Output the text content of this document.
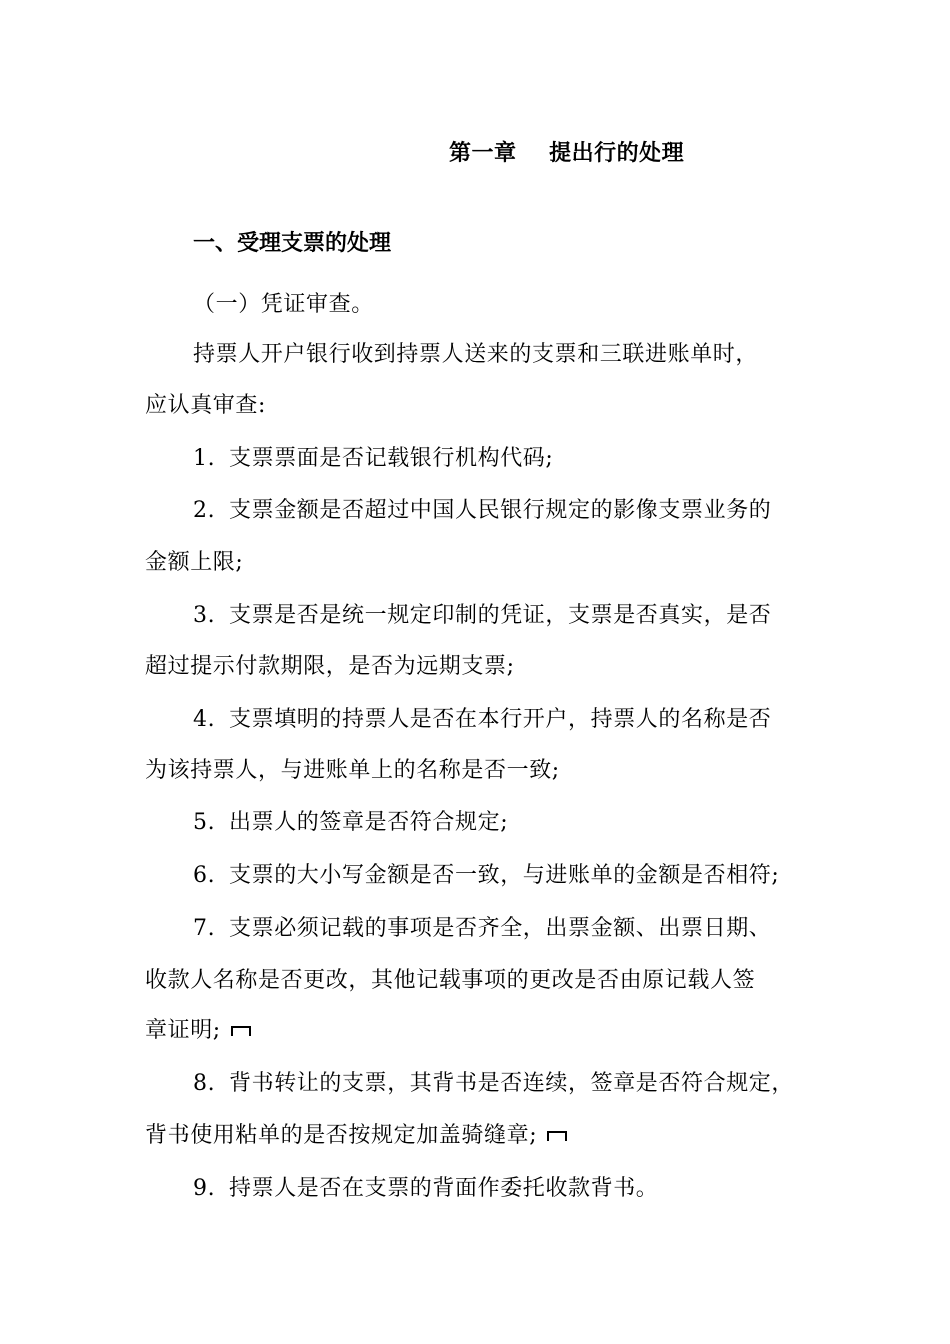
第一章    提出行的处理
一、受理支票的处理
（一）凭证审查。
持票人开户银行收到持票人送来的支票和三联进账单时，
应认真审查:
1. 支票票面是否记载银行机构代码;
2. 支票金额是否超过中国人民银行规定的影像支票业务的
金额上限;
3. 支票是否是统一规定印制的凭证，支票是否真实，是否
超过提示付款期限，是否为远期支票;
4. 支票填明的持票人是否在本行开户，持票人的名称是否
为该持票人，与进账单上的名称是否一致;
5. 出票人的签章是否符合规定;
6. 支票的大小写金额是否一致，与进账单的金额是否相符;
7. 支票必须记载的事项是否齐全，出票金额、出票日期、
收款人名称是否更改，其他记载事项的更改是否由原记载人签
章证明;
8. 背书转让的支票，其背书是否连续，签章是否符合规定，
背书使用粘单的是否按规定加盖骑缝章;
9. 持票人是否在支票的背面作委托收款背书。
